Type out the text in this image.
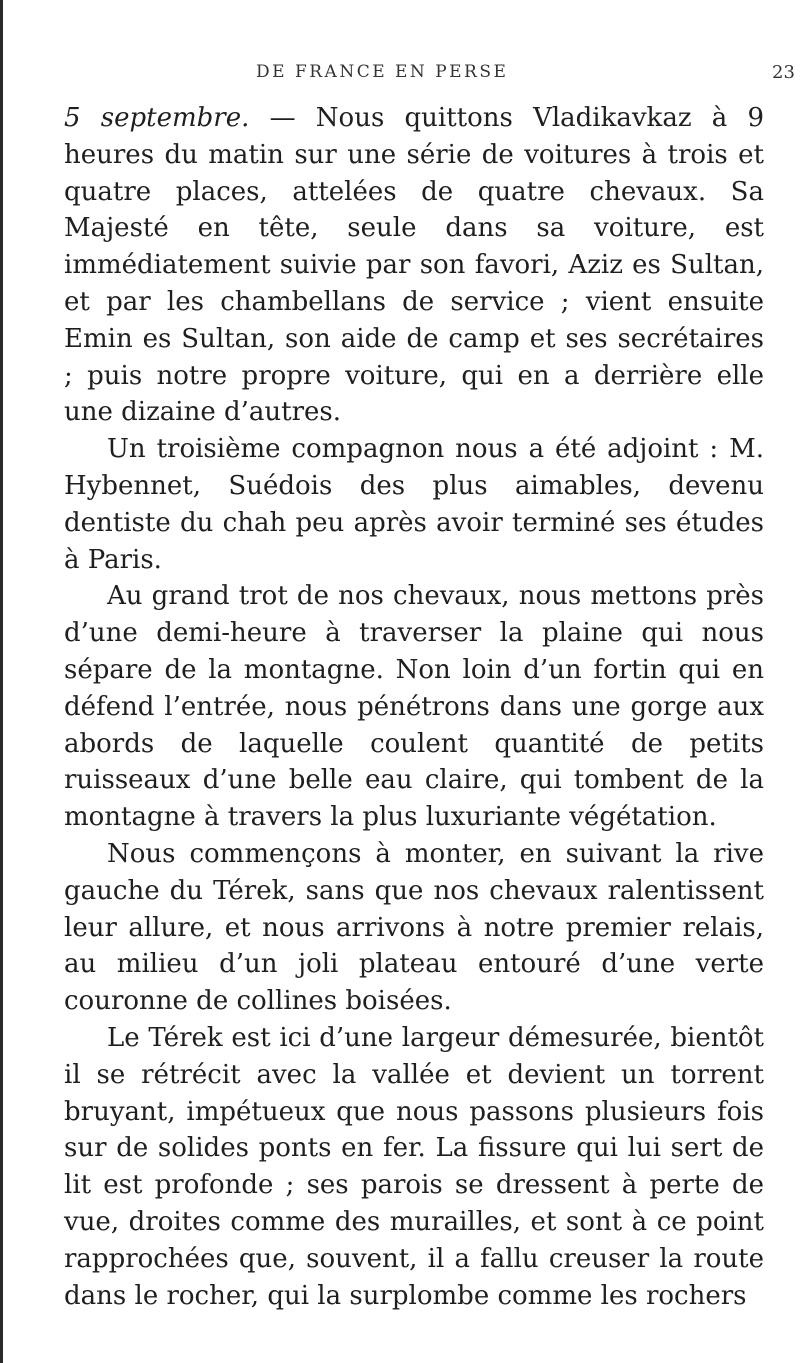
DE FRANCE EN PERSE	23

5 septembre. — Nous quittons Vladikavkaz à 9 heures du matin sur une série de voitures à trois et quatre places, attelées de quatre chevaux. Sa Majesté en tête, seule dans sa voiture, est immédiatement suivie par son favori, Aziz es Sultan, et par les chambellans de service ; vient ensuite Emin es Sultan, son aide de camp et ses secrétaires ; puis notre propre voiture, qui en a derrière elle une dizaine d’autres.

Un troisième compagnon nous a été adjoint : M. Hybennet, Suédois des plus aimables, devenu dentiste du chah peu après avoir terminé ses études à Paris.

Au grand trot de nos chevaux, nous mettons près d’une demi-heure à traverser la plaine qui nous sépare de la montagne. Non loin d’un fortin qui en défend l’entrée, nous pénétrons dans une gorge aux abords de laquelle coulent quantité de petits ruisseaux d’une belle eau claire, qui tombent de la montagne à travers la plus luxuriante végétation.

Nous commençons à monter, en suivant la rive gauche du Térek, sans que nos chevaux ralentissent leur allure, et nous arrivons à notre premier relais, au milieu d’un joli plateau entouré d’une verte couronne de collines boisées.

Le Térek est ici d’une largeur démesurée, bientôt il se rétrécit avec la vallée et devient un torrent bruyant, impétueux que nous passons plusieurs fois sur de solides ponts en fer. La fissure qui lui sert de lit est profonde ; ses parois se dressent à perte de vue, droites comme des murailles, et sont à ce point rapprochées que, souvent, il a fallu creuser la route dans le rocher, qui la surplombe comme les rochers
